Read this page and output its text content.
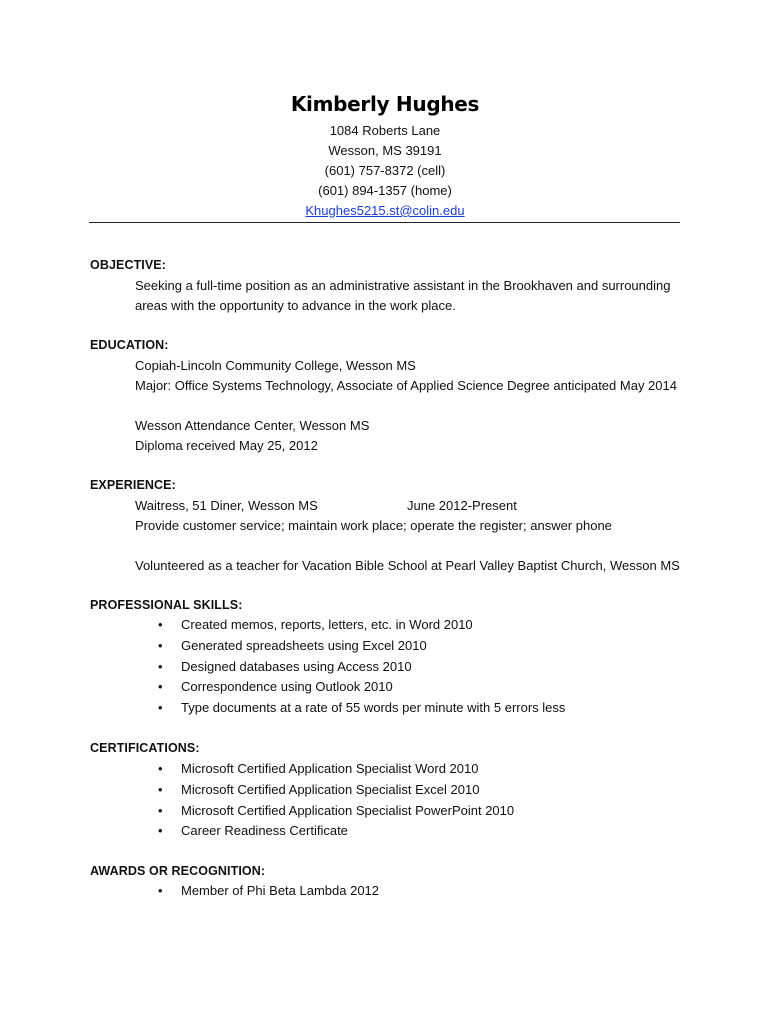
Kimberly Hughes
1084 Roberts Lane
Wesson, MS 39191
(601) 757-8372 (cell)
(601) 894-1357 (home)
Khughes5215.st@colin.edu
OBJECTIVE:
Seeking a full-time position as an administrative assistant in the Brookhaven and surrounding areas with the opportunity to advance in the work place.
EDUCATION:
Copiah-Lincoln Community College, Wesson MS
Major: Office Systems Technology, Associate of Applied Science Degree anticipated May 2014
Wesson Attendance Center, Wesson MS
Diploma received May 25, 2012
EXPERIENCE:
Waitress, 51 Diner, Wesson MS	June 2012-Present
Provide customer service; maintain work place; operate the register; answer phone
Volunteered as a teacher for Vacation Bible School at Pearl Valley Baptist Church, Wesson MS
PROFESSIONAL SKILLS:
• Created memos, reports, letters, etc. in Word 2010
• Generated spreadsheets using Excel 2010
• Designed databases using Access 2010
• Correspondence using Outlook 2010
• Type documents at a rate of 55 words per minute with 5 errors less
CERTIFICATIONS:
• Microsoft Certified Application Specialist Word 2010
• Microsoft Certified Application Specialist Excel 2010
• Microsoft Certified Application Specialist PowerPoint 2010
• Career Readiness Certificate
AWARDS OR RECOGNITION:
• Member of Phi Beta Lambda 2012
